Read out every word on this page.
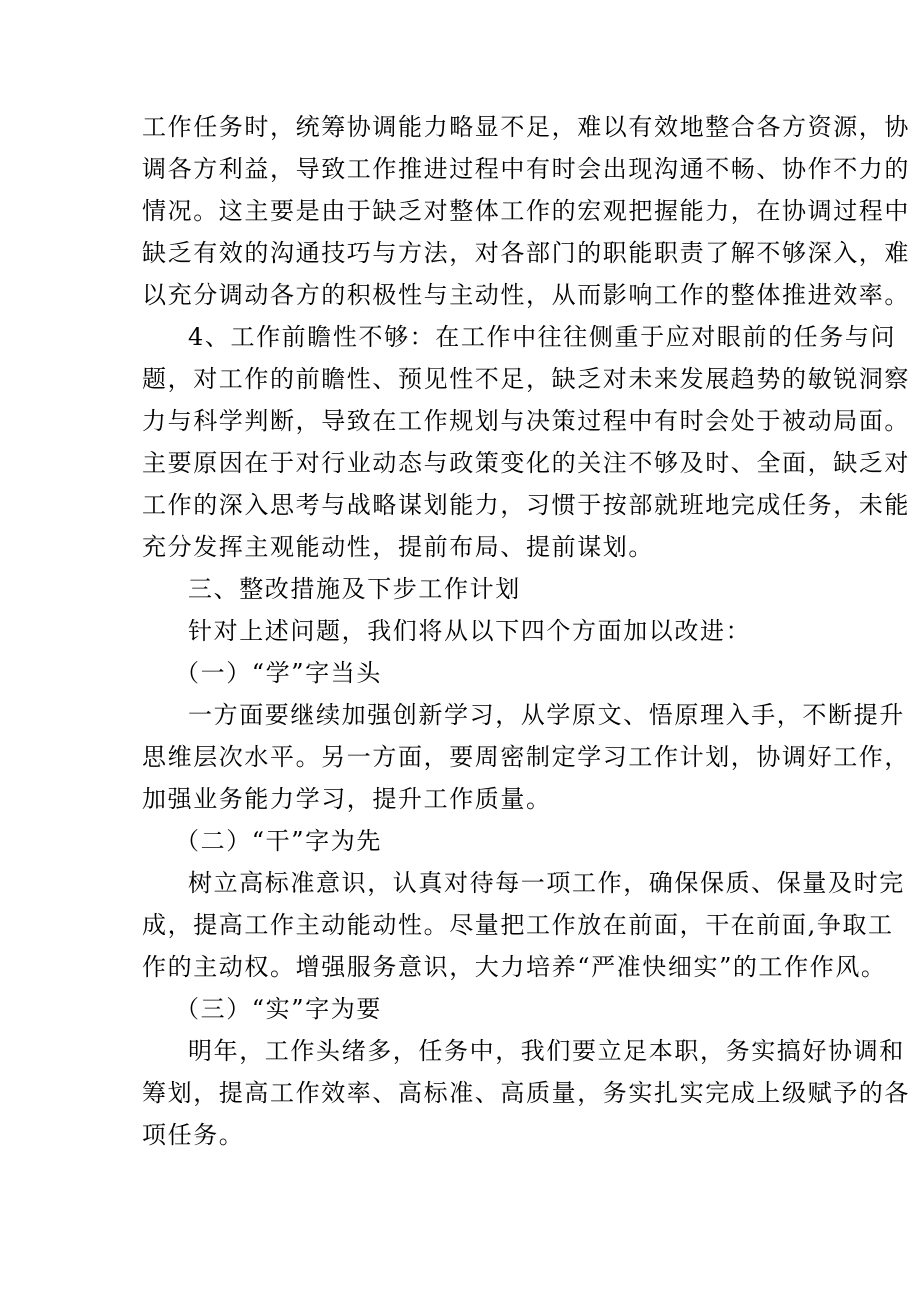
工作任务时，统筹协调能力略显不足，难以有效地整合各方资源，协

调各方利益，导致工作推进过程中有时会出现沟通不畅、协作不力的

情况。这主要是由于缺乏对整体工作的宏观把握能力，在协调过程中

缺乏有效的沟通技巧与方法，对各部门的职能职责了解不够深入，难

以充分调动各方的积极性与主动性，从而影响工作的整体推进效率。

4、工作前瞻性不够：在工作中往往侧重于应对眼前的任务与问

题，对工作的前瞻性、预见性不足，缺乏对未来发展趋势的敏锐洞察

力与科学判断，导致在工作规划与决策过程中有时会处于被动局面。

主要原因在于对行业动态与政策变化的关注不够及时、全面，缺乏对

工作的深入思考与战略谋划能力，习惯于按部就班地完成任务，未能

充分发挥主观能动性，提前布局、提前谋划。

三、整改措施及下步工作计划

针对上述问题，我们将从以下四个方面加以改进：

（一）“学”字当头

一方面要继续加强创新学习，从学原文、悟原理入手，不断提升

思维层次水平。另一方面，要周密制定学习工作计划，协调好工作，

加强业务能力学习，提升工作质量。

（二）“干”字为先

树立高标准意识，认真对待每一项工作，确保保质、保量及时完

成，提高工作主动能动性。尽量把工作放在前面，干在前面,争取工

作的主动权。增强服务意识，大力培养“严准快细实”的工作作风。

（三）“实”字为要

明年，工作头绪多，任务中，我们要立足本职，务实搞好协调和

筹划，提高工作效率、高标准、高质量，务实扎实完成上级赋予的各

项任务。
